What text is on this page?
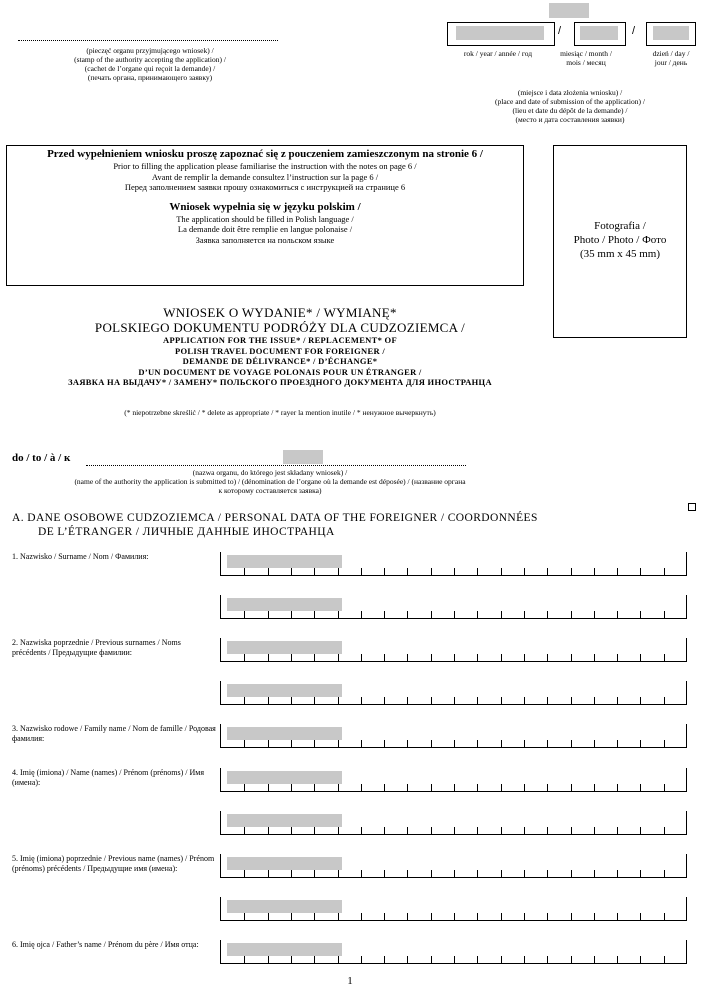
(pieczęć organu przyjmującego wniosek) /
(stamp of the authority accepting the application) /
(cachet de l’organe qui reçoit la demande) /
(печать органа, принимающего заявку)
/	/
rok / year / année / год	miesiąc / month / mois / месяц
dzień / day / jour / день
(miejsce i data złożenia wniosku) /
(place and date of submission of the application) /
(lieu et date du dépôt de la demande) /
(место и дата составления заявки)
Przed wypełnieniem wniosku proszę zapoznać się z pouczeniem zamieszczonym na stronie 6 /
Prior to filling the application please familiarise the instruction with the notes on page 6 /
Avant de remplir la demande consultez l’instruction sur la page 6 /
Перед заполнением заявки прошу ознакомиться с инструкцией на странице 6
Wniosek wypełnia się w języku polskim /
The application should be filled in Polish language /
La demande doit être remplie en langue polonaise /
Заявка заполняется на польском языке
Fotografia /
Photo / Photo / Фото
(35 mm x 45 mm)
WNIOSEK O WYDANIE* / WYMIANĘ*
POLSKIEGO DOKUMENTU PODRÓŻY DLA CUDZOZIEMCA /
APPLICATION FOR THE ISSUE* / REPLACEMENT* OF
POLISH TRAVEL DOCUMENT FOR FOREIGNER /
DEMANDE DE DÉLIVRANCE* / D’ÉCHANGE*
D’UN DOCUMENT DE VOYAGE POLONAIS POUR UN ÉTRANGER /
ЗАЯВКА НА ВЫДАЧУ* / ЗАМЕНУ* ПОЛЬСКОГО ПРОЕЗДНОГО ДОКУМЕНТА ДЛЯ ИНОСТРАНЦА
(* niepotrzebne skreślić / * delete as appropriate / * rayer la mention inutile / * ненужное вычеркнуть)
do / to / à / к
(nazwa organu, do którego jest składany wniosek) /
(name of the authority the application is submitted to) / (dénomination de l’organe où la demande est déposée) / (название органа
к которому составляется заявка)
A. DANE OSOBOWE CUDZOZIEMCA / PERSONAL DATA OF THE FOREIGNER / COORDONNÉES
DE L’ÉTRANGER / ЛИЧНЫЕ ДАННЫЕ ИНОСТРАНЦА
1. Nazwisko / Surname / Nom / Фамилия:
2. Nazwiska poprzednie / Previous surnames / Noms précédents / Предыдущие фамилии:
3. Nazwisko rodowe / Family name / Nom de famille / Родовая фамилия:
4. Imię (imiona) / Name (names) / Prénom (prénoms) / Имя (имена):
5. Imię (imiona) poprzednie / Previous name (names) / Prénom (prénoms) précédents / Предыдущие имя (имена):
6. Imię ojca / Father’s name / Prénom du père / Имя отца:
1
